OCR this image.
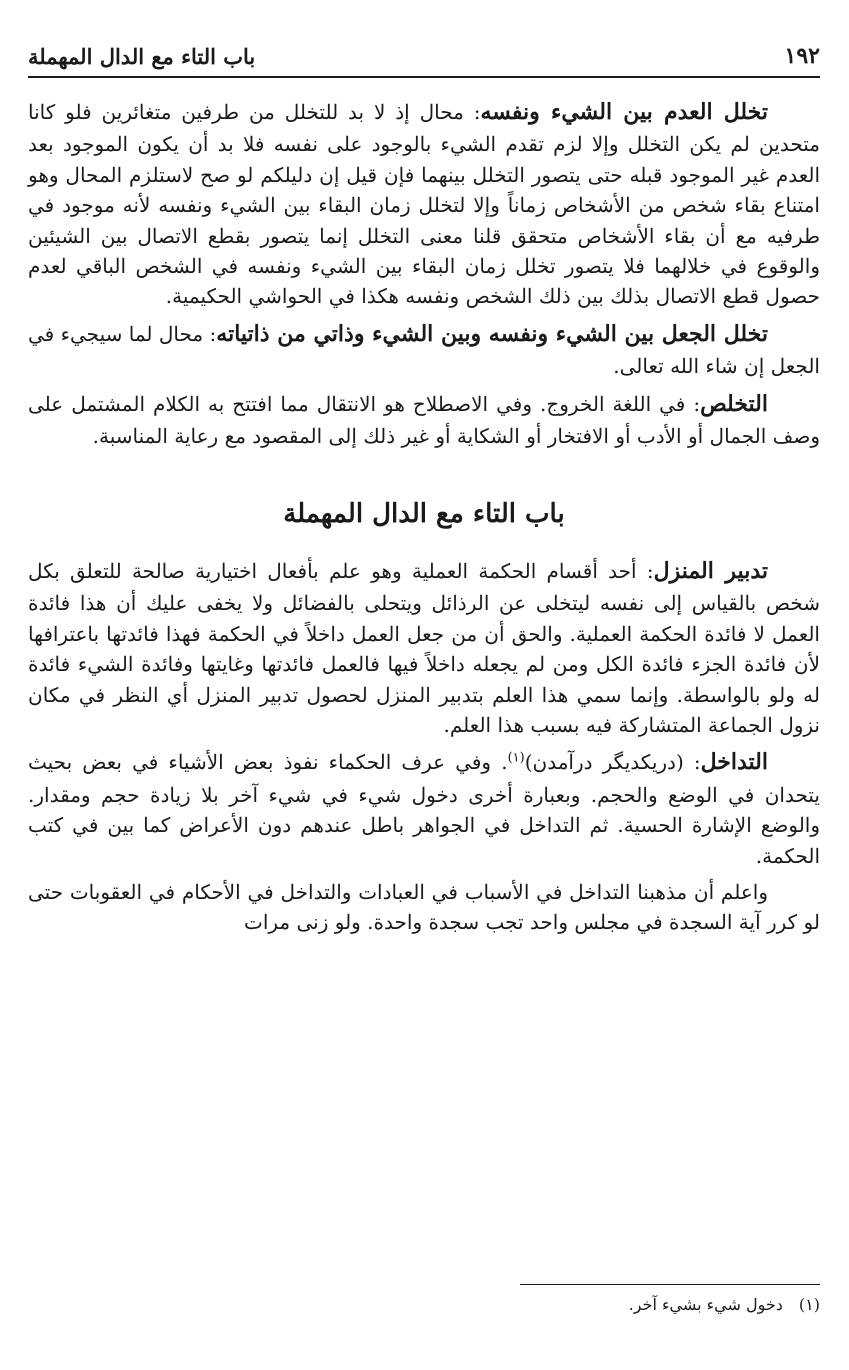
١٩٢
باب التاء مع الدال المهملة

تخلل العدم بين الشيء ونفسه: محال إذ لا بد للتخلل من طرفين متغائرين فلو كانا متحدين لم يكن التخلل وإلا لزم تقدم الشيء بالوجود على نفسه فلا بد أن يكون الموجود بعد العدم غير الموجود قبله حتى يتصور التخلل بينهما فإن قيل إن دليلكم لو صح لاستلزم المحال وهو امتناع بقاء شخص من الأشخاص زماناً وإلا لتخلل زمان البقاء بين الشيء ونفسه لأنه موجود في طرفيه مع أن بقاء الأشخاص متحقق قلنا معنى التخلل إنما يتصور بقطع الاتصال بين الشيئين والوقوع في خلالهما فلا يتصور تخلل زمان البقاء بين الشيء ونفسه في الشخص الباقي لعدم حصول قطع الاتصال بذلك بين ذلك الشخص ونفسه هكذا في الحواشي الحكيمية.

تخلل الجعل بين الشيء ونفسه وبين الشيء وذاتي من ذاتياته: محال لما سيجيء في الجعل إن شاء الله تعالى.

التخلص: في اللغة الخروج. وفي الاصطلاح هو الانتقال مما افتتح به الكلام المشتمل على وصف الجمال أو الأدب أو الافتخار أو الشكاية أو غير ذلك إلى المقصود مع رعاية المناسبة.

باب التاء مع الدال المهملة

تدبير المنزل: أحد أقسام الحكمة العملية وهو علم بأفعال اختيارية صالحة للتعلق بكل شخص بالقياس إلى نفسه ليتخلى عن الرذائل ويتحلى بالفضائل ولا يخفى عليك أن هذا فائدة العمل لا فائدة الحكمة العملية. والحق أن من جعل العمل داخلاً في الحكمة فهذا فائدتها باعترافها لأن فائدة الجزء فائدة الكل ومن لم يجعله داخلاً فيها فالعمل فائدتها وغايتها وفائدة الشيء فائدة له ولو بالواسطة. وإنما سمي هذا العلم بتدبير المنزل لحصول تدبير المنزل أي النظر في مكان نزول الجماعة المتشاركة فيه بسبب هذا العلم.

التداخل: (دريكديگر درآمدن)$^{(١)}$. وفي عرف الحكماء نفوذ بعض الأشياء في بعض بحيث يتحدان في الوضع والحجم. وبعبارة أخرى دخول شيء في شيء آخر بلا زيادة حجم ومقدار. والوضع الإشارة الحسية. ثم التداخل في الجواهر باطل عندهم دون الأعراض كما بين في كتب الحكمة.

واعلم أن مذهبنا التداخل في الأسباب في العبادات والتداخل في الأحكام في العقوبات حتى لو كرر آية السجدة في مجلس واحد تجب سجدة واحدة. ولو زنى مرات

(١)
دخول شيء بشيء آخر.
